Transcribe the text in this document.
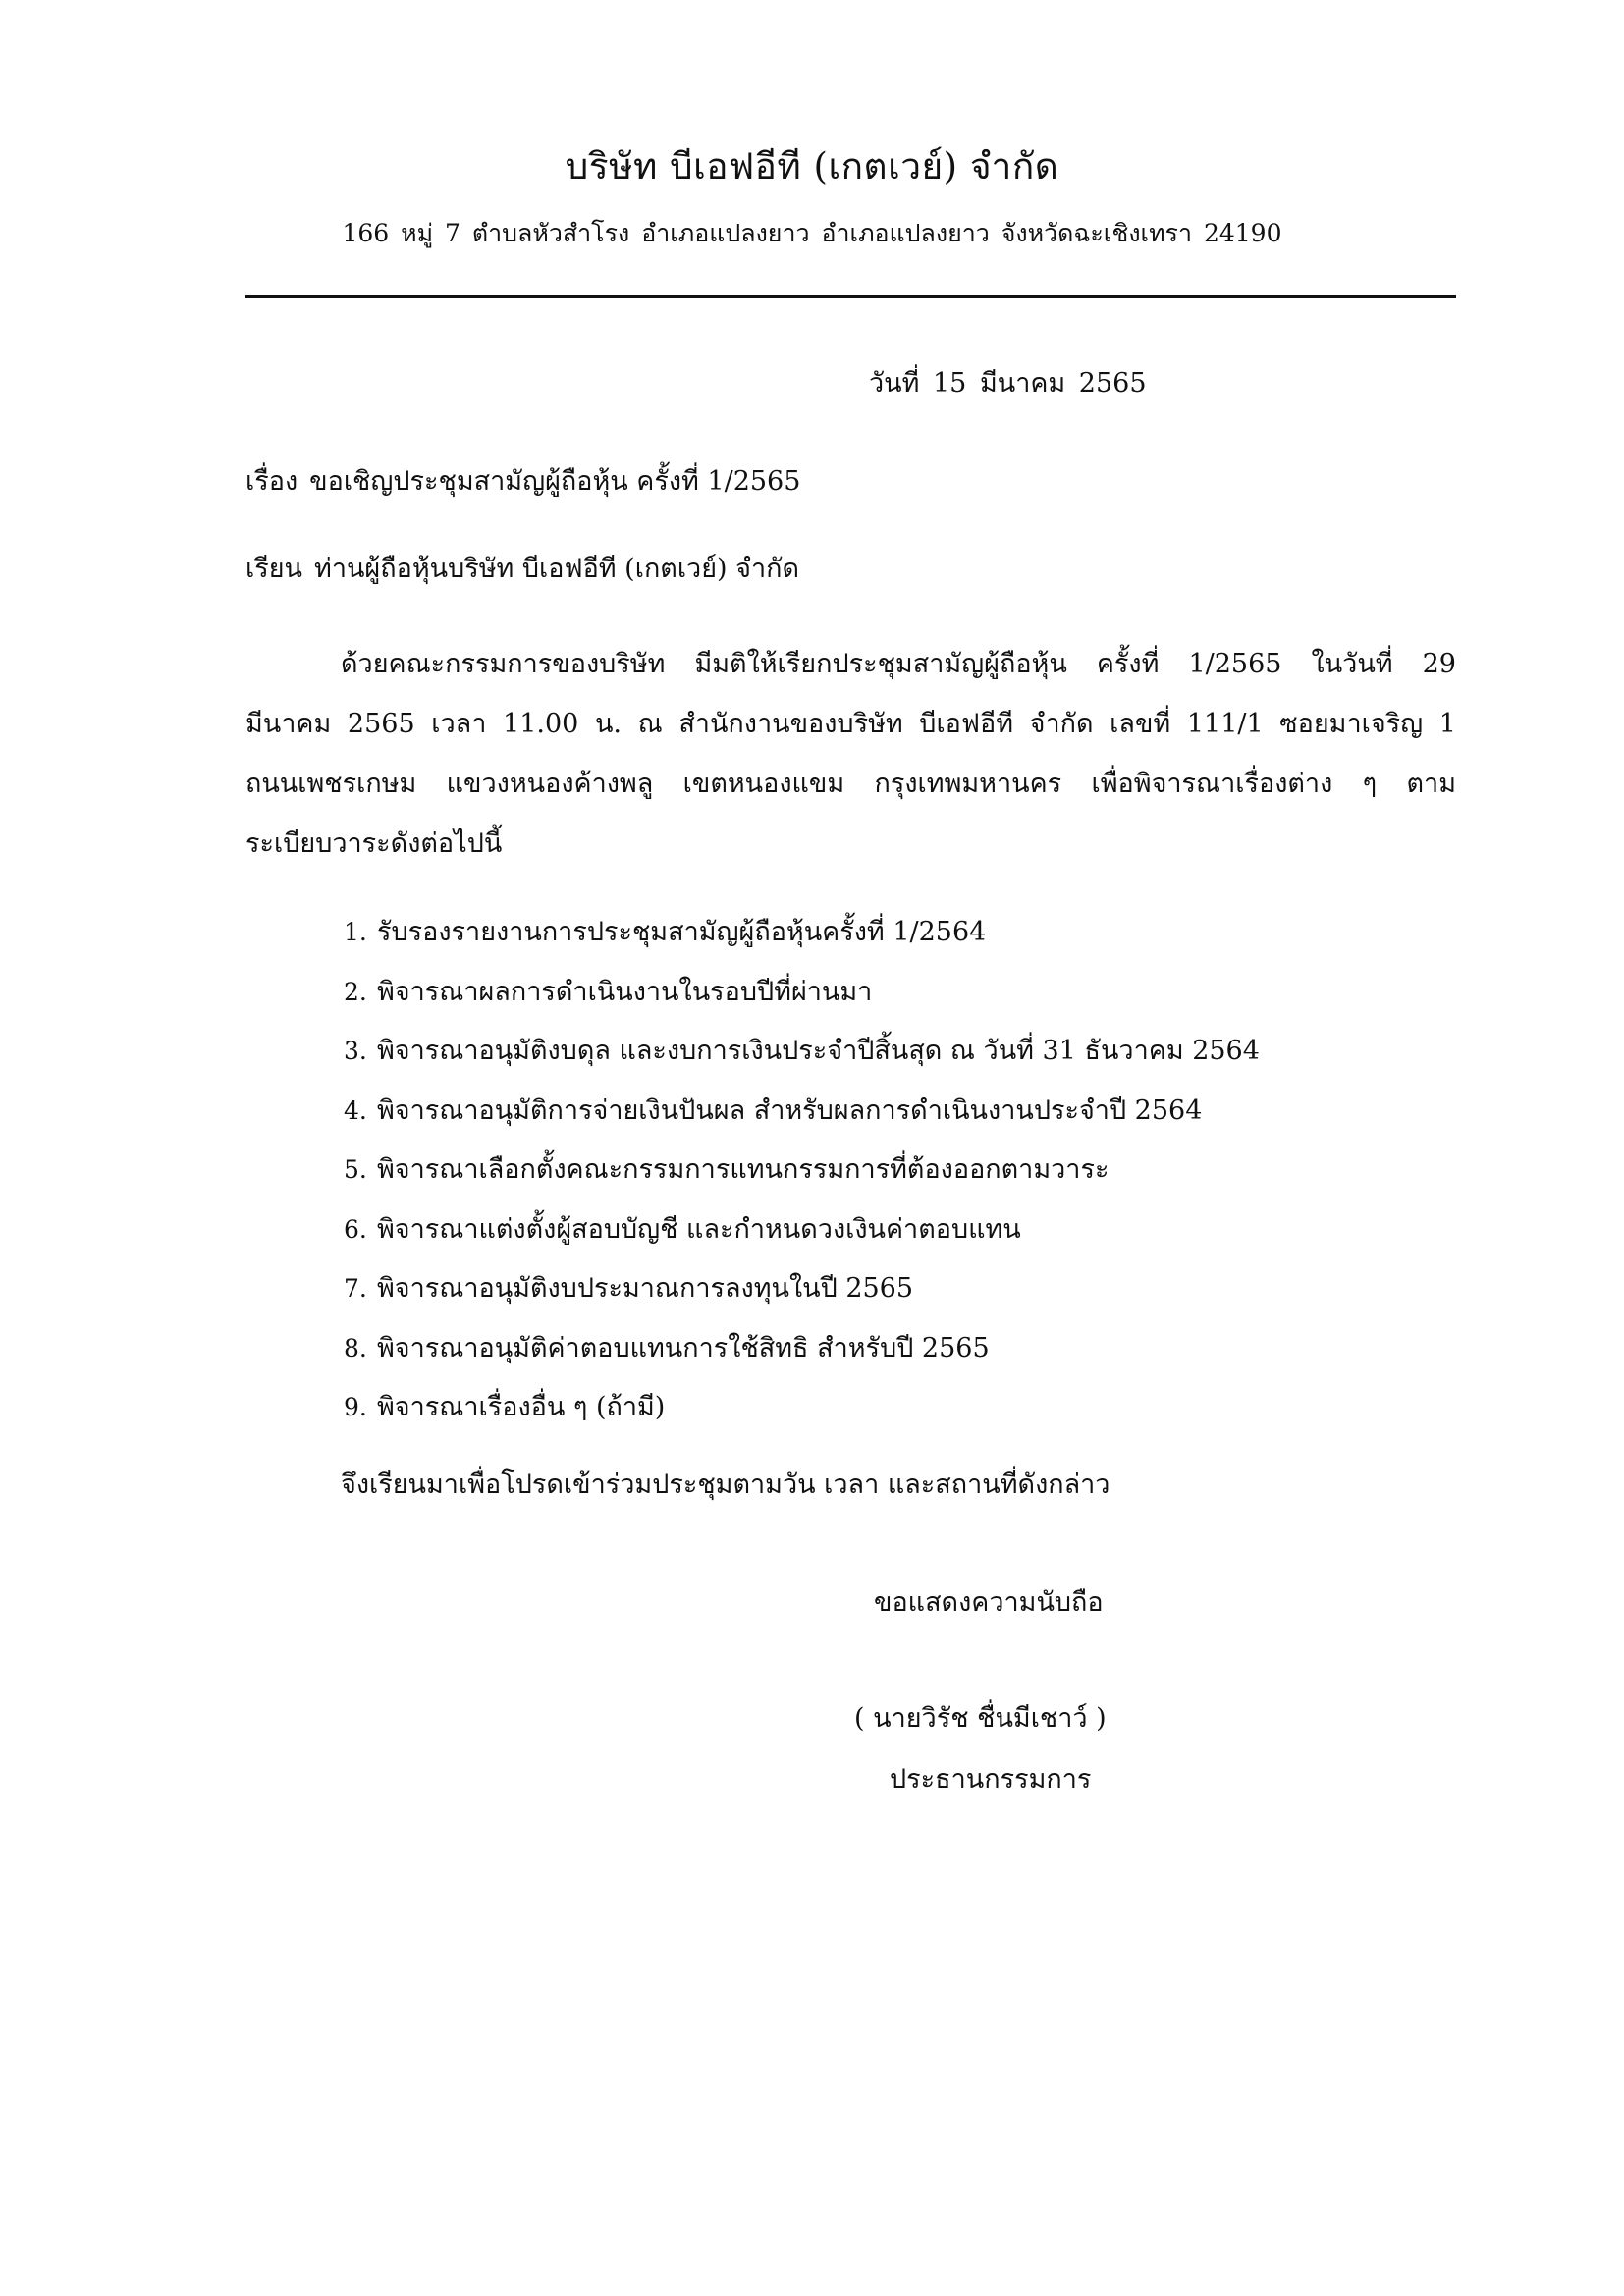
บริษัท บีเอฟอีที (เกตเวย์) จำกัด
166 หมู่ 7 ตำบลหัวสำโรง อำเภอแปลงยาว อำเภอแปลงยาว จังหวัดฉะเชิงเทรา 24190
วันที่ 15 มีนาคม 2565
เรื่อง ขอเชิญประชุมสามัญผู้ถือหุ้น ครั้งที่ 1/2565
เรียน ท่านผู้ถือหุ้นบริษัท บีเอฟอีที (เกตเวย์) จำกัด

ด้วยคณะกรรมการของบริษัท มีมติให้เรียกประชุมสามัญผู้ถือหุ้น ครั้งที่ 1/2565 ในวันที่ 29 มีนาคม 2565 เวลา 11.00 น. ณ สำนักงานของบริษัท บีเอฟอีที จำกัด เลขที่ 111/1 ซอยมาเจริญ 1 ถนนเพชรเกษม แขวงหนองค้างพลู เขตหนองแขม กรุงเทพมหานคร เพื่อพิจารณาเรื่องต่าง ๆ ตามระเบียบวาระดังต่อไปนี้

1. รับรองรายงานการประชุมสามัญผู้ถือหุ้นครั้งที่ 1/2564
2. พิจารณาผลการดำเนินงานในรอบปีที่ผ่านมา
3. พิจารณาอนุมัติงบดุล และงบการเงินประจำปีสิ้นสุด ณ วันที่ 31 ธันวาคม 2564
4. พิจารณาอนุมัติการจ่ายเงินปันผล สำหรับผลการดำเนินงานประจำปี 2564
5. พิจารณาเลือกตั้งคณะกรรมการแทนกรรมการที่ต้องออกตามวาระ
6. พิจารณาแต่งตั้งผู้สอบบัญชี และกำหนดวงเงินค่าตอบแทน
7. พิจารณาอนุมัติงบประมาณการลงทุนในปี 2565
8. พิจารณาอนุมัติค่าตอบแทนการใช้สิทธิ สำหรับปี 2565
9. พิจารณาเรื่องอื่น ๆ (ถ้ามี)
จึงเรียนมาเพื่อโปรดเข้าร่วมประชุมตามวัน เวลา และสถานที่ดังกล่าว
ขอแสดงความนับถือ
( นายวิรัช ชื่นมีเชาว์ )
ประธานกรรมการ
